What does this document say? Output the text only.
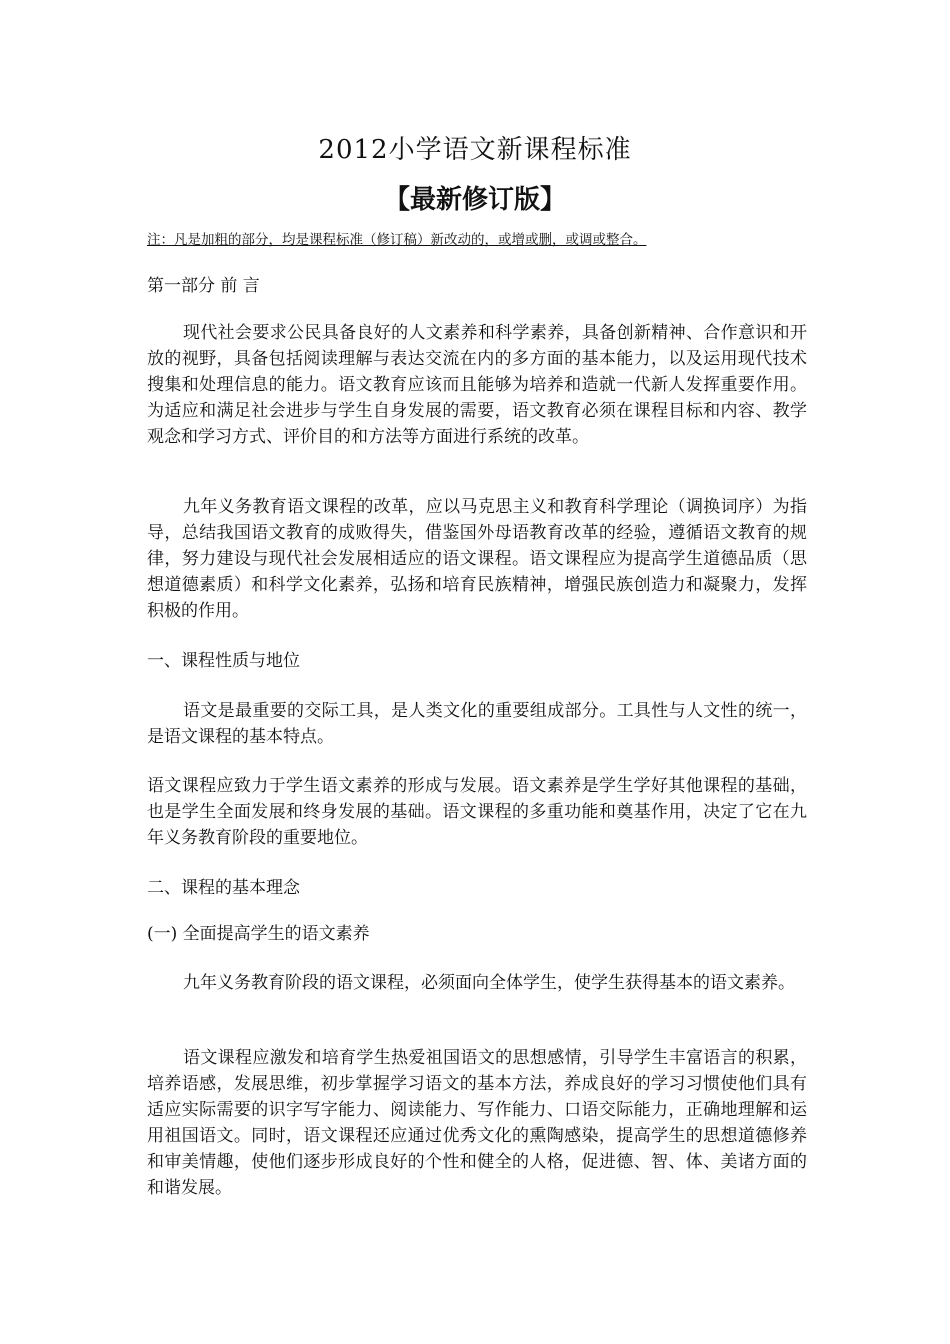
2012小学语文新课程标准
【最新修订版】
注：凡是加粗的部分，均是课程标准（修订稿）新改动的，或增或删，或调或整合。
第一部分 前 言
现代社会要求公民具备良好的人文素养和科学素养，具备创新精神、合作意识和开放的视野，具备包括阅读理解与表达交流在内的多方面的基本能力，以及运用现代技术搜集和处理信息的能力。语文教育应该而且能够为培养和造就一代新人发挥重要作用。为适应和满足社会进步与学生自身发展的需要，语文教育必须在课程目标和内容、教学观念和学习方式、评价目的和方法等方面进行系统的改革。
九年义务教育语文课程的改革，应以马克思主义和教育科学理论（调换词序）为指导，总结我国语文教育的成败得失，借鉴国外母语教育改革的经验，遵循语文教育的规律，努力建设与现代社会发展相适应的语文课程。语文课程应为提高学生道德品质（思想道德素质）和科学文化素养，弘扬和培育民族精神，增强民族创造力和凝聚力，发挥积极的作用。
一、课程性质与地位
语文是最重要的交际工具，是人类文化的重要组成部分。工具性与人文性的统一，是语文课程的基本特点。
语文课程应致力于学生语文素养的形成与发展。语文素养是学生学好其他课程的基础，也是学生全面发展和终身发展的基础。语文课程的多重功能和奠基作用，决定了它在九年义务教育阶段的重要地位。
二、课程的基本理念
(一) 全面提高学生的语文素养
九年义务教育阶段的语文课程，必须面向全体学生，使学生获得基本的语文素养。
语文课程应激发和培育学生热爱祖国语文的思想感情，引导学生丰富语言的积累，培养语感，发展思维，初步掌握学习语文的基本方法，养成良好的学习习惯使他们具有适应实际需要的识字写字能力、阅读能力、写作能力、口语交际能力，正确地理解和运用祖国语文。同时，语文课程还应通过优秀文化的熏陶感染，提高学生的思想道德修养和审美情趣，使他们逐步形成良好的个性和健全的人格，促进德、智、体、美诸方面的和谐发展。
